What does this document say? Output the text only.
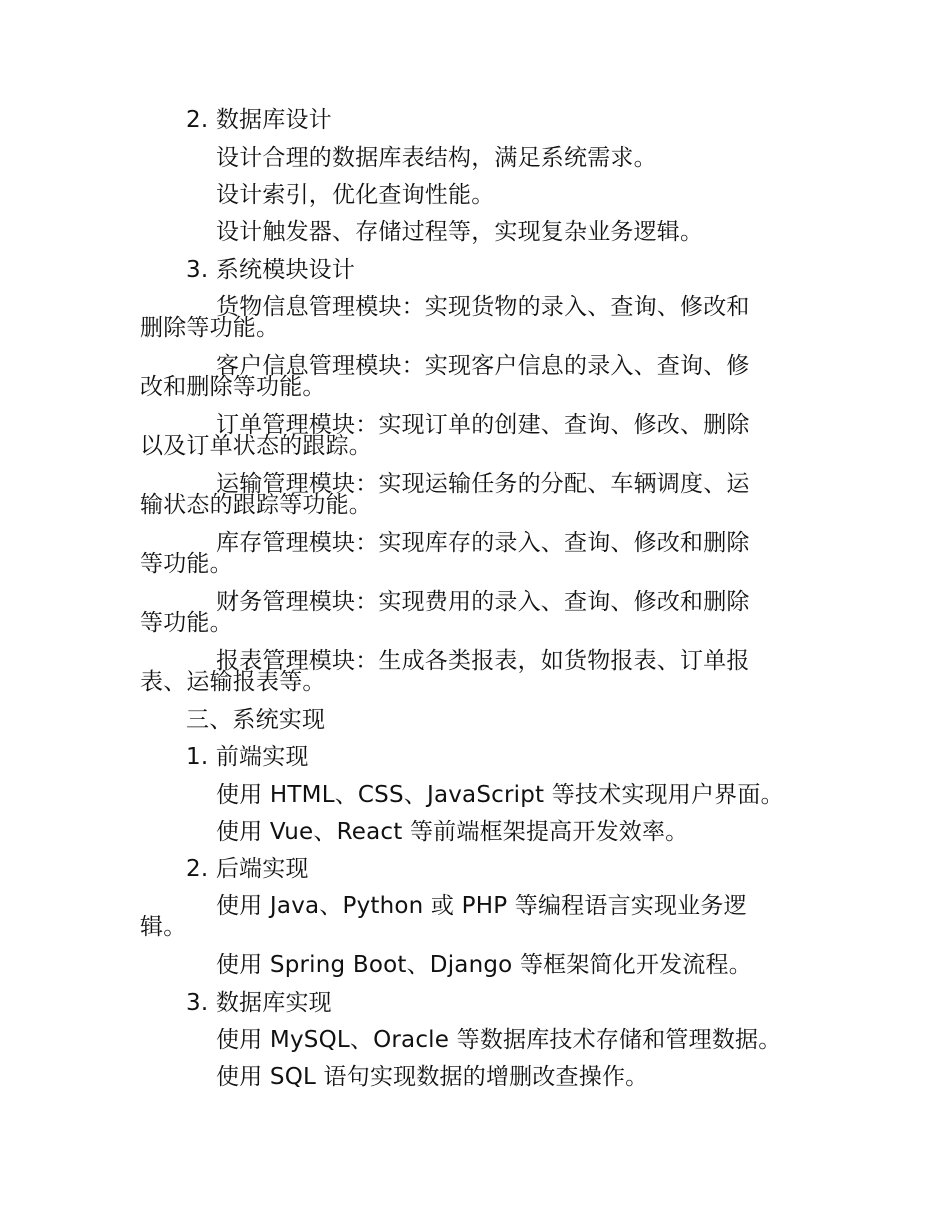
2. 数据库设计
设计合理的数据库表结构，满足系统需求。
设计索引，优化查询性能。
设计触发器、存储过程等，实现复杂业务逻辑。
3. 系统模块设计
货物信息管理模块：实现货物的录入、查询、修改和
删除等功能。
客户信息管理模块：实现客户信息的录入、查询、修
改和删除等功能。
订单管理模块：实现订单的创建、查询、修改、删除
以及订单状态的跟踪。
运输管理模块：实现运输任务的分配、车辆调度、运
输状态的跟踪等功能。
库存管理模块：实现库存的录入、查询、修改和删除
等功能。
财务管理模块：实现费用的录入、查询、修改和删除
等功能。
报表管理模块：生成各类报表，如货物报表、订单报
表、运输报表等。
三、系统实现
1. 前端实现
使用 HTML、CSS、JavaScript 等技术实现用户界面。
使用 Vue、React 等前端框架提高开发效率。
2. 后端实现
使用 Java、Python 或 PHP 等编程语言实现业务逻
辑。
使用 Spring Boot、Django 等框架简化开发流程。
3. 数据库实现
使用 MySQL、Oracle 等数据库技术存储和管理数据。
使用 SQL 语句实现数据的增删改查操作。
